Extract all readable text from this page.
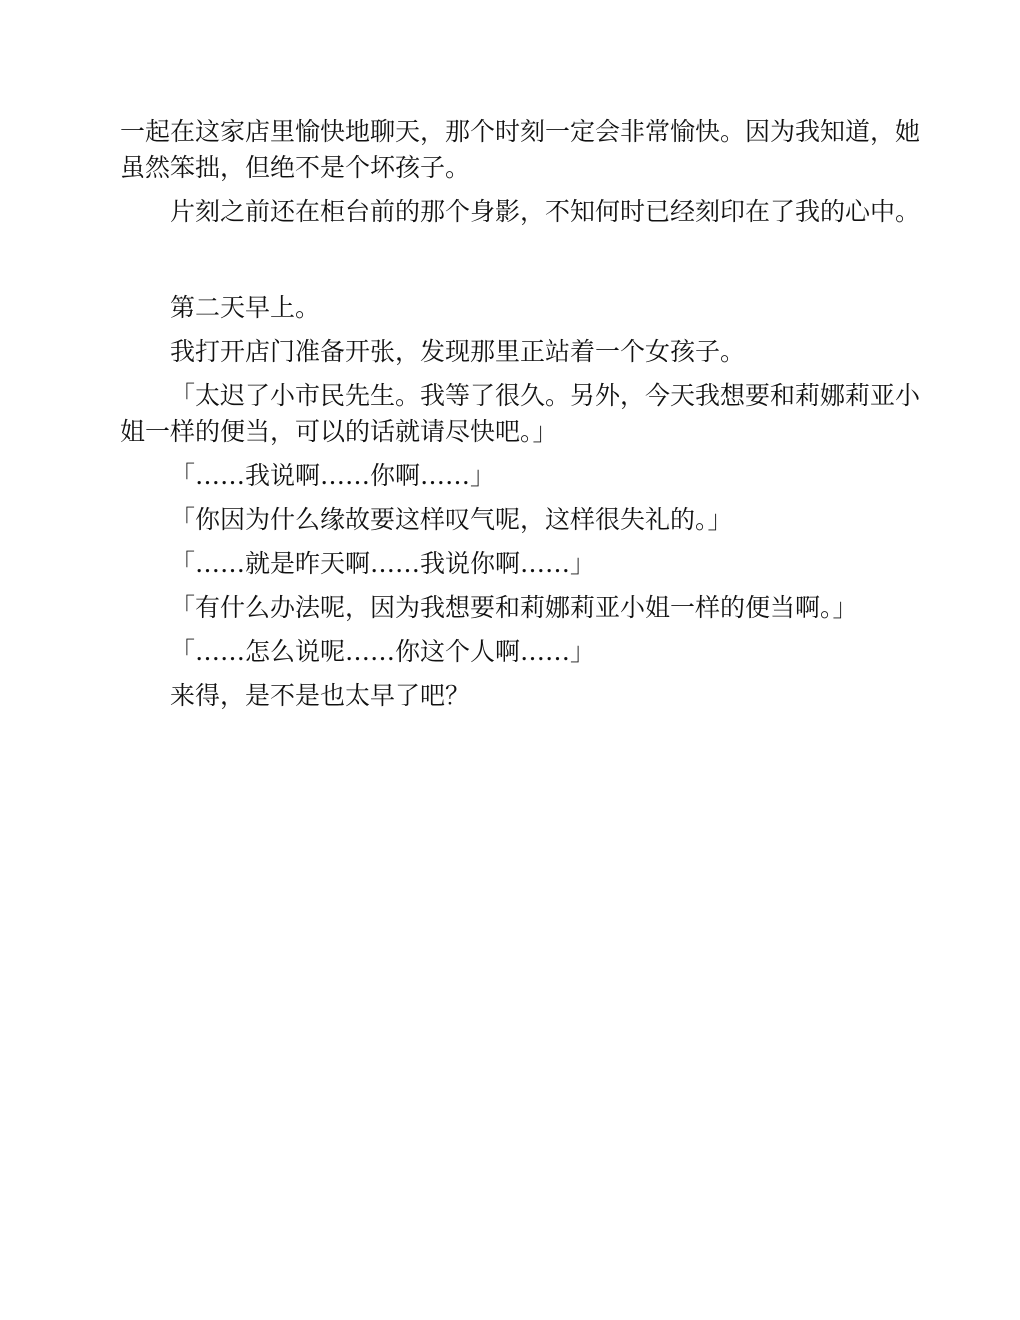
一起在这家店里愉快地聊天，那个时刻一定会非常愉快。因为我知道，她虽然笨拙，但绝不是个坏孩子。

片刻之前还在柜台前的那个身影，不知何时已经刻印在了我的心中。

第二天早上。

我打开店门准备开张，发现那里正站着一个女孩子。

「太迟了小市民先生。我等了很久。另外，今天我想要和莉娜莉亚小姐一样的便当，可以的话就请尽快吧。」

「……我说啊……你啊……」

「你因为什么缘故要这样叹气呢，这样很失礼的。」

「……就是昨天啊……我说你啊……」

「有什么办法呢，因为我想要和莉娜莉亚小姐一样的便当啊。」

「……怎么说呢……你这个人啊……」

来得，是不是也太早了吧？
